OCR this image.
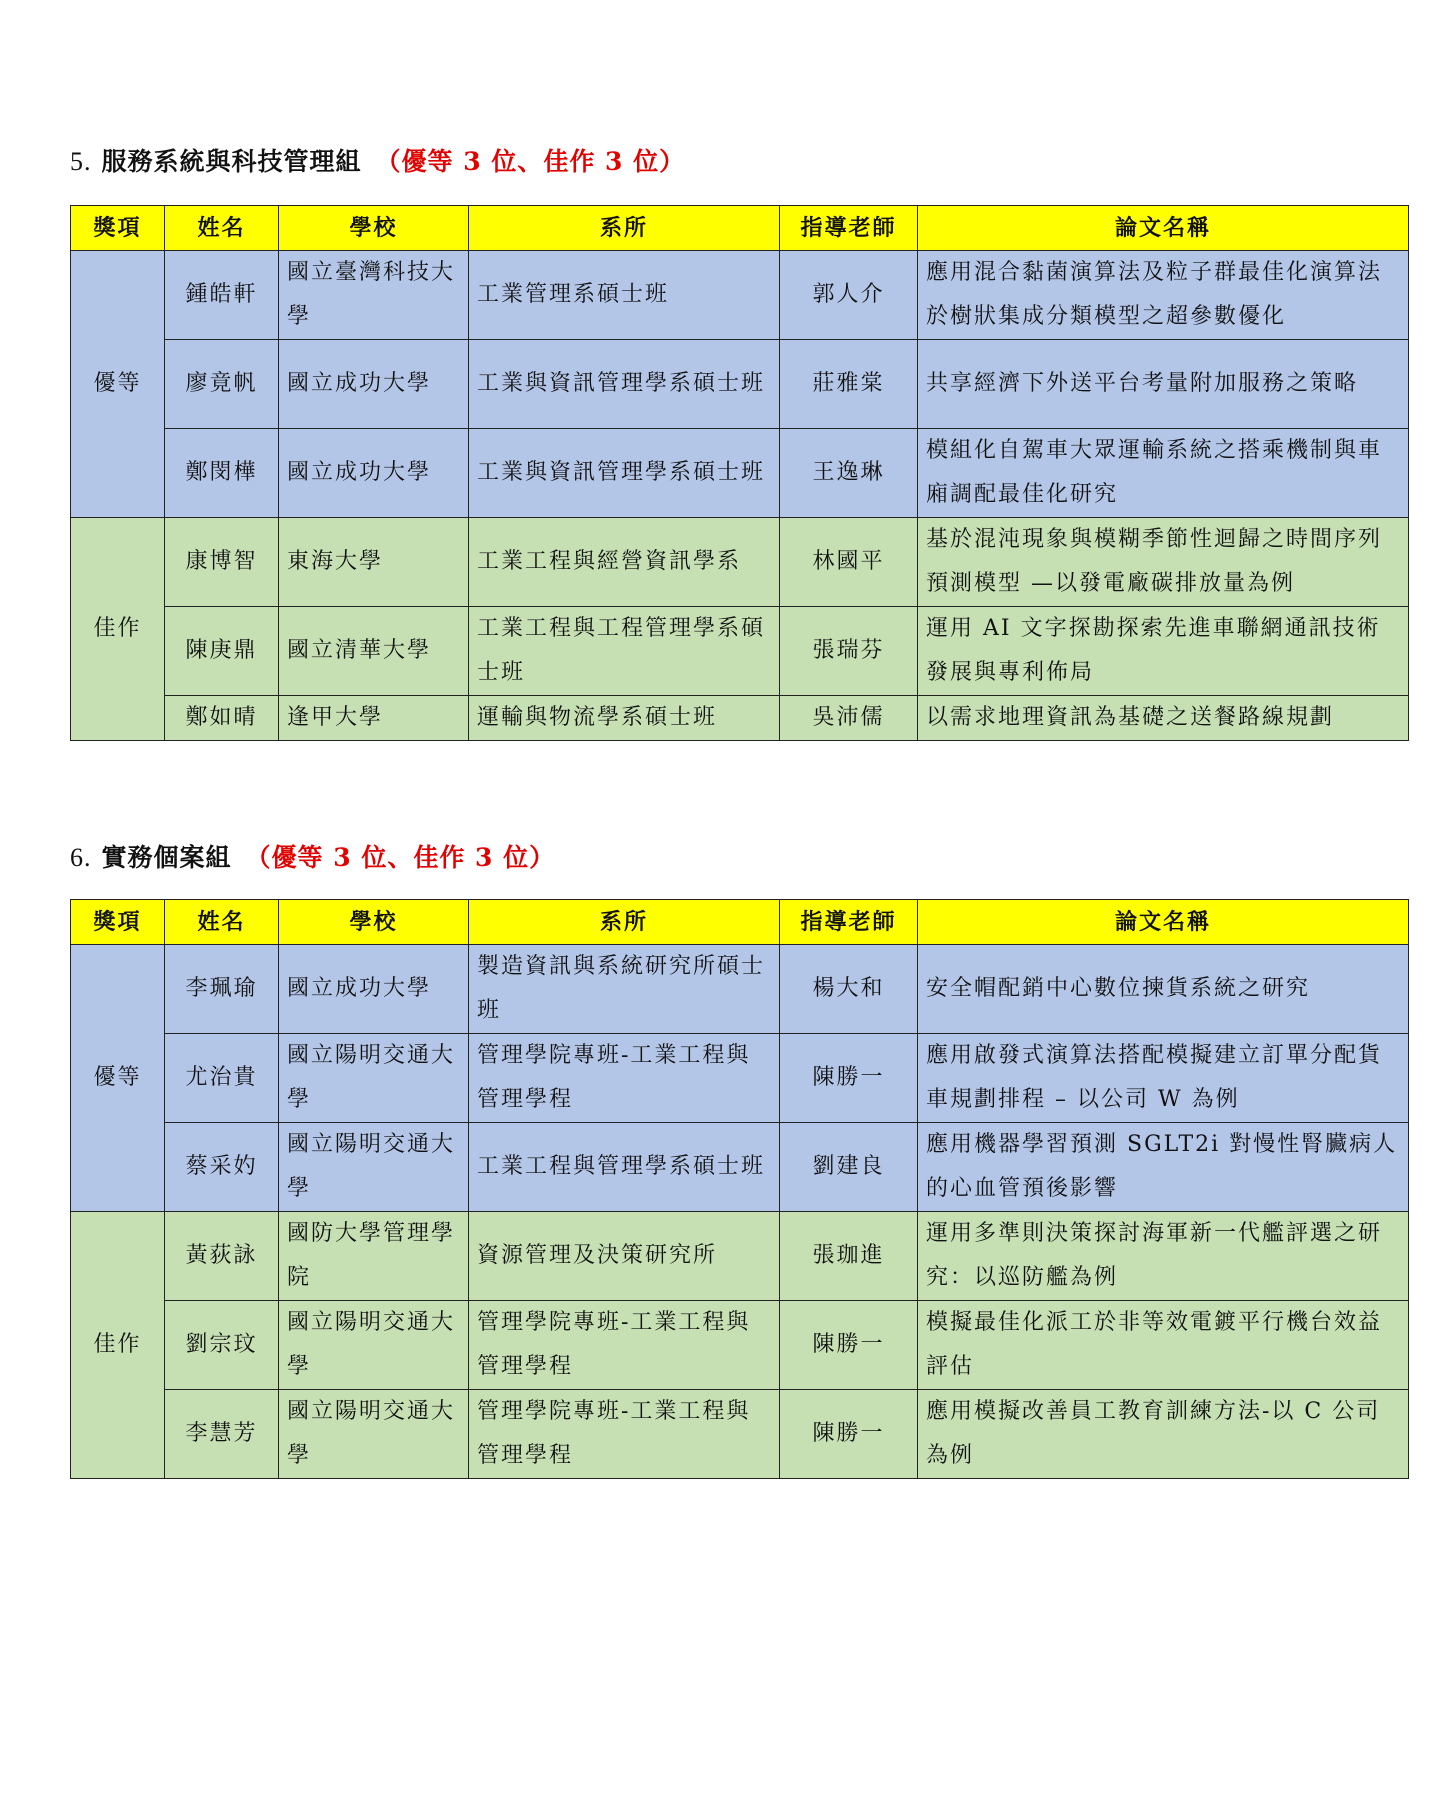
5. 服務系統與科技管理組 （優等 3 位、佳作 3 位）
獎項	姓名	學校	系所	指導老師	論文名稱
優等	鍾皓軒	國立臺灣科技大學	工業管理系碩士班	郭人介	應用混合黏菌演算法及粒子群最佳化演算法於樹狀集成分類模型之超參數優化
	廖竟帆	國立成功大學	工業與資訊管理學系碩士班	莊雅棠	共享經濟下外送平台考量附加服務之策略
	鄭閔樺	國立成功大學	工業與資訊管理學系碩士班	王逸琳	模組化自駕車大眾運輸系統之搭乘機制與車廂調配最佳化研究
佳作	康博智	東海大學	工業工程與經營資訊學系	林國平	基於混沌現象與模糊季節性迴歸之時間序列預測模型 —以發電廠碳排放量為例
	陳庚鼎	國立清華大學	工業工程與工程管理學系碩士班	張瑞芬	運用 AI 文字探勘探索先進車聯網通訊技術發展與專利佈局
	鄭如晴	逢甲大學	運輸與物流學系碩士班	吳沛儒	以需求地理資訊為基礎之送餐路線規劃
6. 實務個案組 （優等 3 位、佳作 3 位）
獎項	姓名	學校	系所	指導老師	論文名稱
優等	李珮瑜	國立成功大學	製造資訊與系統研究所碩士班	楊大和	安全帽配銷中心數位揀貨系統之研究
	尤治貴	國立陽明交通大學	管理學院專班-工業工程與管理學程	陳勝一	應用啟發式演算法搭配模擬建立訂單分配貨車規劃排程 – 以公司 W 為例
	蔡采妁	國立陽明交通大學	工業工程與管理學系碩士班	劉建良	應用機器學習預測 SGLT2i 對慢性腎臟病人的心血管預後影響
佳作	黃荻詠	國防大學管理學院	資源管理及決策研究所	張珈進	運用多準則決策探討海軍新一代艦評選之研究：以巡防艦為例
	劉宗玟	國立陽明交通大學	管理學院專班-工業工程與管理學程	陳勝一	模擬最佳化派工於非等效電鍍平行機台效益評估
	李慧芳	國立陽明交通大學	管理學院專班-工業工程與管理學程	陳勝一	應用模擬改善員工教育訓練方法-以 C 公司為例
